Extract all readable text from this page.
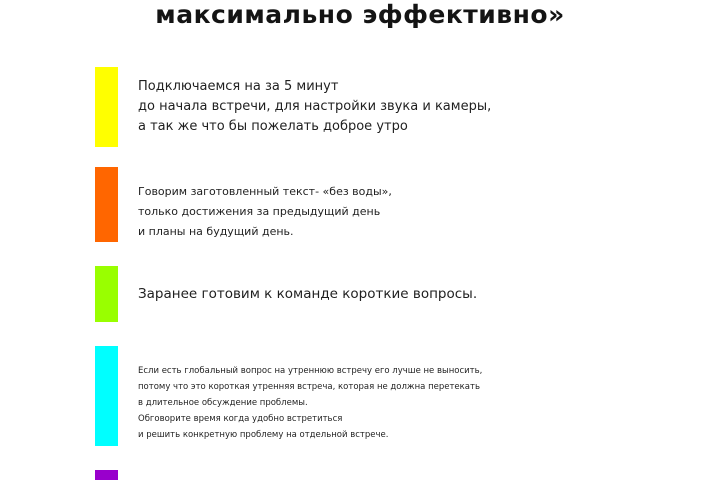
максимально эффективно»
Подключаемся на за 5 минут
до начала встречи, для настройки звука и камеры,
а так же что бы пожелать доброе утро
Говорим заготовленный текст- «без воды»,
только достижения за предыдущий день
и планы на будущий день.
Заранее готовим к команде короткие вопросы.
Если есть глобальный вопрос на утреннюю встречу его лучше не выносить,
потому что это короткая утренняя встреча, которая не должна перетекать
в длительное обсуждение проблемы.
Обговорите время когда удобно встретиться
и решить конкретную проблему на отдельной встрече.
